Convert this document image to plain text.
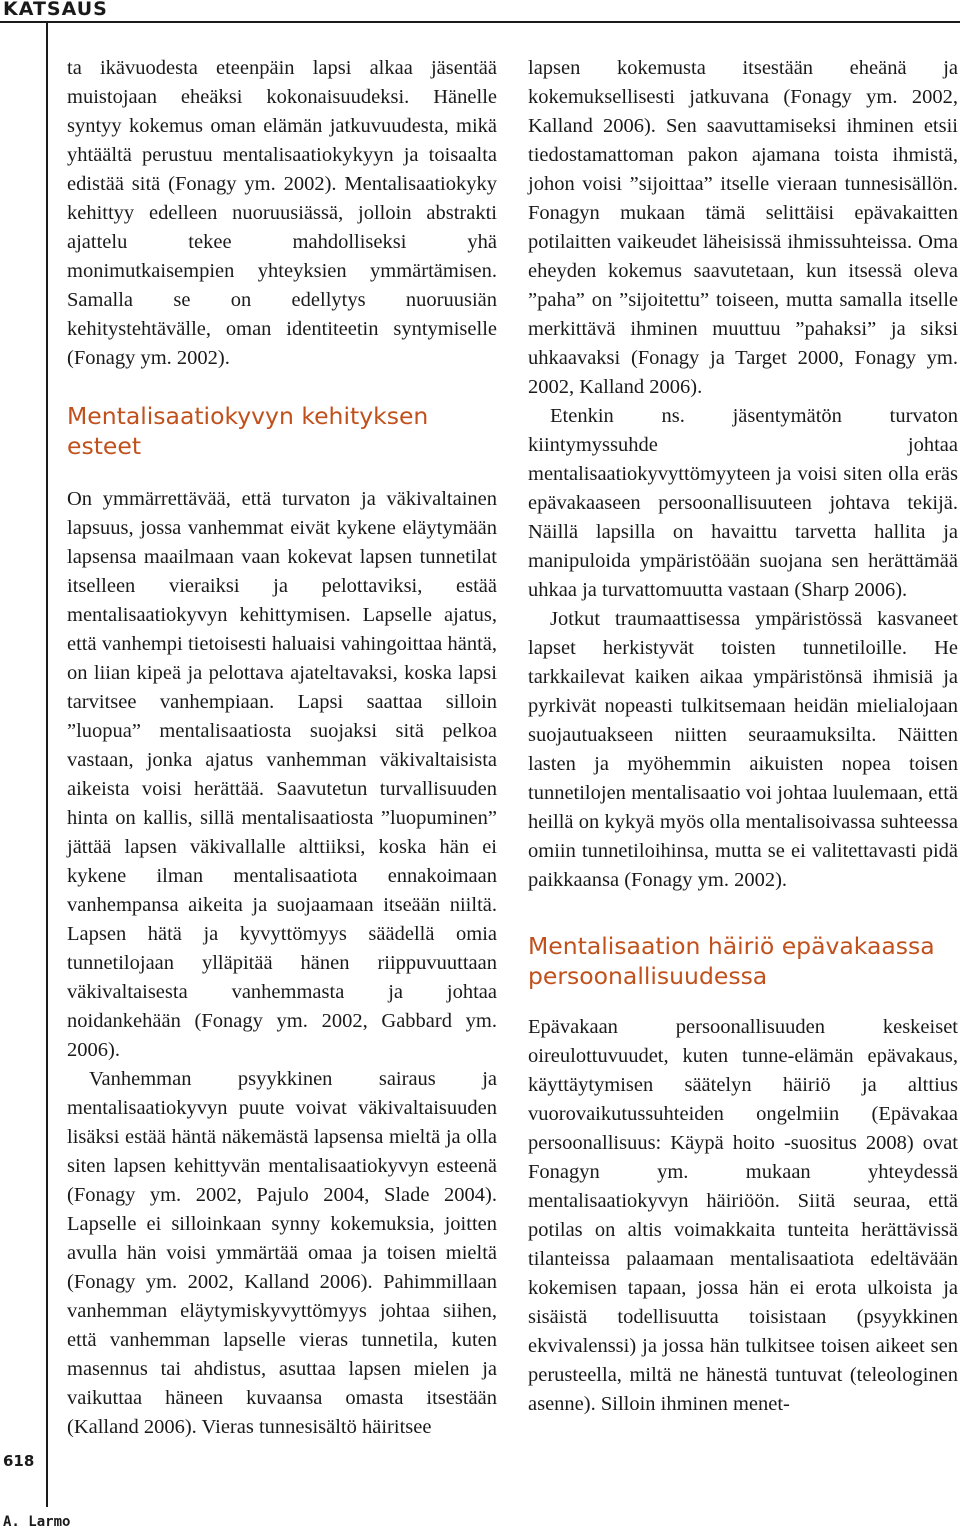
KATSAUS
618
A. Larmo

ta ikävuodesta eteenpäin lapsi alkaa jäsentää muistojaan eheäksi kokonaisuudeksi. Hänelle syntyy kokemus oman elämän jatkuvuudesta, mikä yhtäältä perustuu mentalisaatiokykyyn ja toisaalta edistää sitä (Fonagy ym. 2002). Mentalisaatiokyky kehittyy edelleen nuoruusiässä, jolloin abstrakti ajattelu tekee mahdolliseksi yhä monimutkaisempien yhteyksien ymmärtämisen. Samalla se on edellytys nuoruusiän kehitystehtävälle, oman identiteetin syntymiselle (Fonagy ym. 2002).

Mentalisaatiokyvyn kehityksen esteet

On ymmärrettävää, että turvaton ja väkivaltainen lapsuus, jossa vanhemmat eivät kykene eläytymään lapsensa maailmaan vaan kokevat lapsen tunnetilat itselleen vieraiksi ja pelottaviksi, estää mentalisaatiokyvyn kehittymisen. Lapselle ajatus, että vanhempi tietoisesti haluaisi vahingoittaa häntä, on liian kipeä ja pelottava ajateltavaksi, koska lapsi tarvitsee vanhempiaan. Lapsi saattaa silloin ”luopua” mentalisaatiosta suojaksi sitä pelkoa vastaan, jonka ajatus vanhemman väkivaltaisista aikeista voisi herättää. Saavutetun turvallisuuden hinta on kallis, sillä mentalisaatiosta ”luopuminen” jättää lapsen väkivallalle alttiiksi, koska hän ei kykene ilman mentalisaatiota ennakoimaan vanhempansa aikeita ja suojaamaan itseään niiltä. Lapsen hätä ja kyvyttömyys säädellä omia tunnetilojaan ylläpitää hänen riippuvuuttaan väkivaltaisesta vanhemmasta ja johtaa noidankehään (Fonagy ym. 2002, Gabbard ym. 2006).

Vanhemman psyykkinen sairaus ja mentalisaatiokyvyn puute voivat väkivaltaisuuden lisäksi estää häntä näkemästä lapsensa mieltä ja olla siten lapsen kehittyvän mentalisaatiokyvyn esteenä (Fonagy ym. 2002, Pajulo 2004, Slade 2004). Lapselle ei silloinkaan synny kokemuksia, joitten avulla hän voisi ymmärtää omaa ja toisen mieltä (Fonagy ym. 2002, Kalland 2006). Pahimmillaan vanhemman eläytymiskyvyttömyys johtaa siihen, että vanhemman lapselle vieras tunnetila, kuten masennus tai ahdistus, asuttaa lapsen mielen ja vaikuttaa häneen kuvaansa omasta itsestään (Kalland 2006). Vieras tunnesisältö häiritsee

lapsen kokemusta itsestään eheänä ja kokemuksellisesti jatkuvana (Fonagy ym. 2002, Kalland 2006). Sen saavuttamiseksi ihminen etsii tiedostamattoman pakon ajamana toista ihmistä, johon voisi ”sijoittaa” itselle vieraan tunnesisällön. Fonagyn mukaan tämä selittäisi epävakaitten potilaitten vaikeudet läheisissä ihmissuhteissa. Oma eheyden kokemus saavutetaan, kun itsessä oleva ”paha” on ”sijoitettu” toiseen, mutta samalla itselle merkittävä ihminen muuttuu ”pahaksi” ja siksi uhkaavaksi (Fonagy ja Target 2000, Fonagy ym. 2002, Kalland 2006).

Etenkin ns. jäsentymätön turvaton kiintymyssuhde johtaa mentalisaatiokyvyttömyyteen ja voisi siten olla eräs epävakaaseen persoonallisuuteen johtava tekijä. Näillä lapsilla on havaittu tarvetta hallita ja manipuloida ympäristöään suojana sen herättämää uhkaa ja turvattomuutta vastaan (Sharp 2006).

Jotkut traumaattisessa ympäristössä kasvaneet lapset herkistyvät toisten tunnetiloille. He tarkkailevat kaiken aikaa ympäristönsä ihmisiä ja pyrkivät nopeasti tulkitsemaan heidän mielialojaan suojautuakseen niitten seuraamuksilta. Näitten lasten ja myöhemmin aikuisten nopea toisen tunnetilojen mentalisaatio voi johtaa luulemaan, että heillä on kykyä myös olla mentalisoivassa suhteessa omiin tunnetiloihinsa, mutta se ei valitettavasti pidä paikkaansa (Fonagy ym. 2002).

Mentalisaation häiriö epävakaassa persoonallisuudessa

Epävakaan persoonallisuuden keskeiset oireulottuvuudet, kuten tunne-elämän epävakaus, käyttäytymisen säätelyn häiriö ja alttius vuorovaikutussuhteiden ongelmiin (Epävakaa persoonallisuus: Käypä hoito -suositus 2008) ovat Fonagyn ym. mukaan yhteydessä mentalisaatiokyvyn häiriöön. Siitä seuraa, että potilas on altis voimakkaita tunteita herättävissä tilanteissa palaamaan mentalisaatiota edeltävään kokemisen tapaan, jossa hän ei erota ulkoista ja sisäistä todellisuutta toisistaan (psyykkinen ekvivalenssi) ja jossa hän tulkitsee toisen aikeet sen perusteella, miltä ne hänestä tuntuvat (teleologinen asenne). Silloin ihminen menet-
